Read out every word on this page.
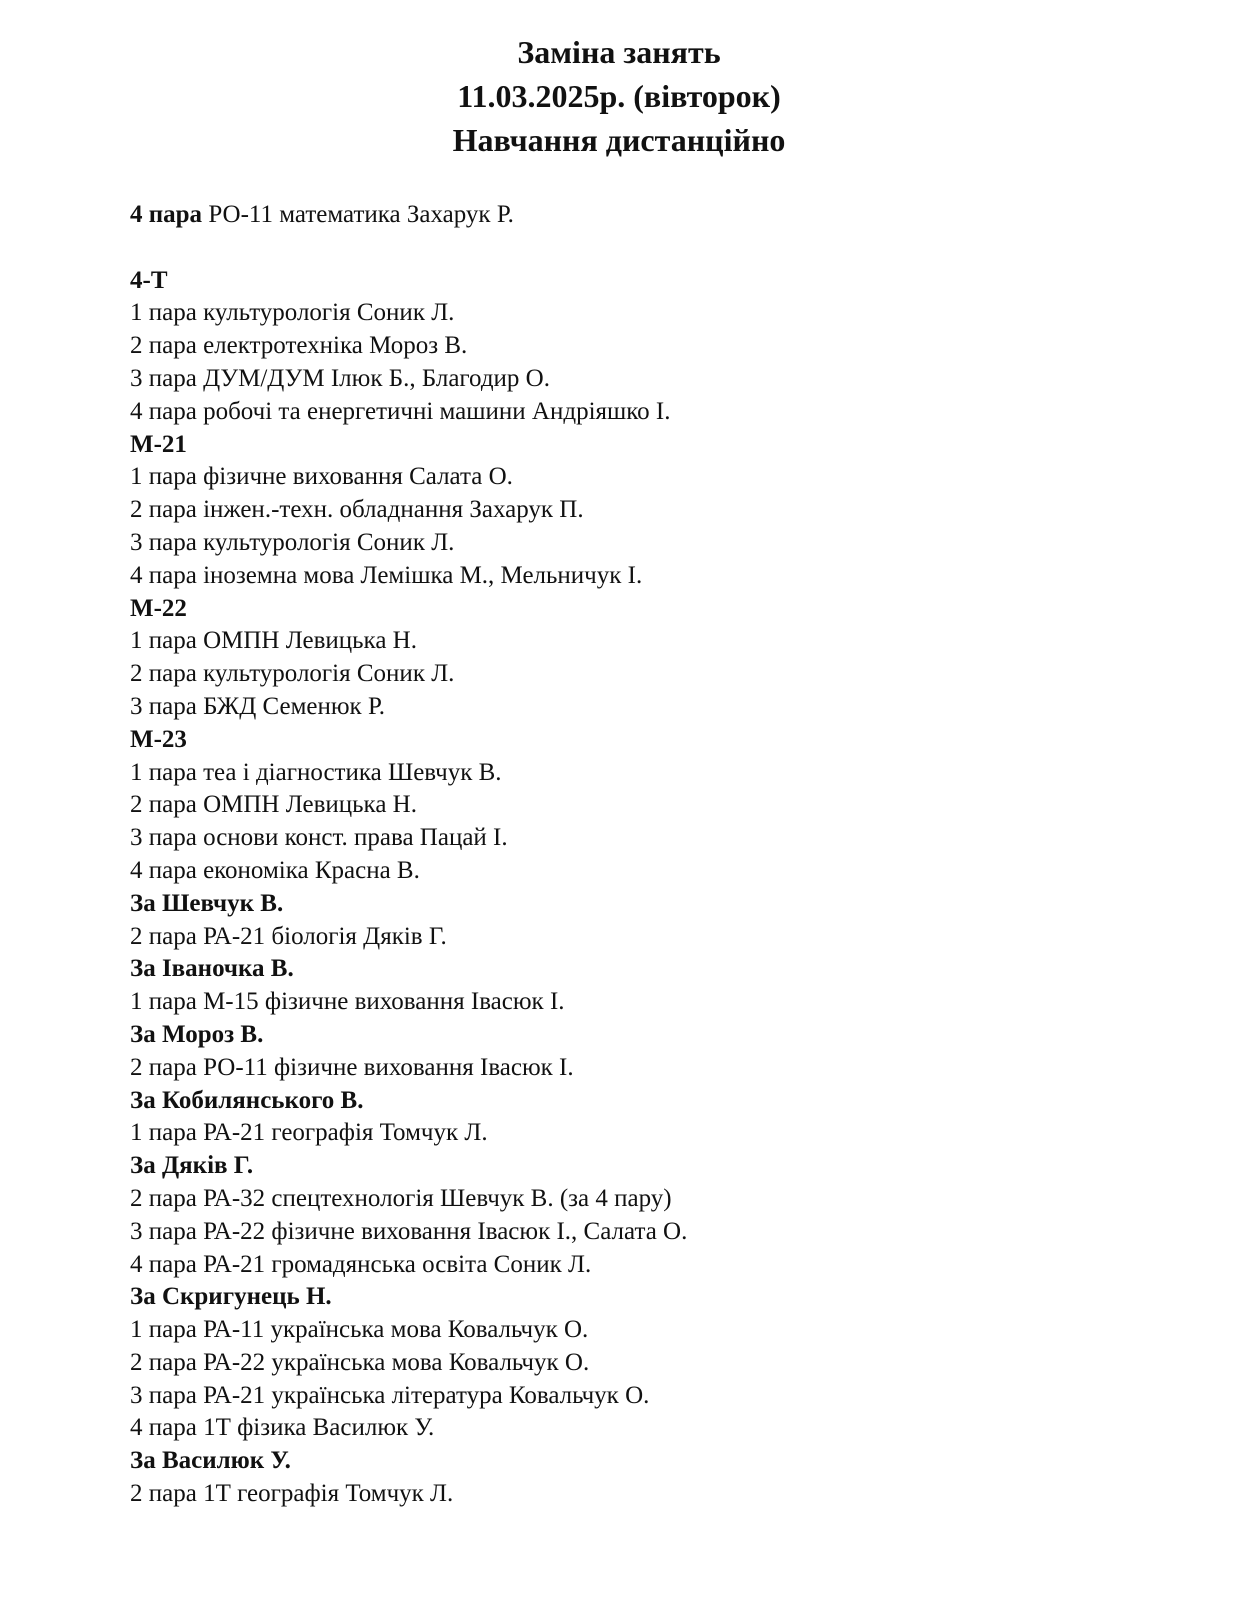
Заміна занять
11.03.2025р. (вівторок)
Навчання дистанційно
4 пара РО-11 математика Захарук Р.
4-Т
1 пара культурологія Соник Л.
2 пара електротехніка Мороз В.
3 пара ДУМ/ДУМ Ілюк Б., Благодир О.
4 пара робочі та енергетичні машини Андріяшко І.
М-21
1 пара фізичне виховання Салата О.
2 пара інжен.-техн. обладнання Захарук П.
3 пара культурологія Соник Л.
4 пара іноземна мова Лемішка М., Мельничук І.
М-22
1 пара ОМПН Левицька Н.
2 пара культурологія Соник Л.
3 пара БЖД Семенюк Р.
М-23
1 пара теа і діагностика Шевчук В.
2 пара ОМПН Левицька Н.
3 пара основи конст. права Пацай І.
4 пара економіка Красна В.
За Шевчук В.
2 пара РА-21 біологія Дяків Г.
За Іваночка В.
1 пара М-15 фізичне виховання Івасюк І.
За Мороз В.
2 пара РО-11 фізичне виховання Івасюк І.
За Кобилянського В.
1 пара РА-21 географія Томчук Л.
За Дяків Г.
2 пара РА-32 спецтехнологія Шевчук В. (за 4 пару)
3 пара РА-22 фізичне виховання Івасюк І., Салата О.
4 пара РА-21 громадянська освіта Соник Л.
За Скригунець Н.
1 пара РА-11 українська мова Ковальчук О.
2 пара РА-22 українська мова Ковальчук О.
3 пара РА-21 українська література Ковальчук О.
4 пара 1Т фізика Василюк У.
За Василюк У.
2 пара 1Т географія Томчук Л.
